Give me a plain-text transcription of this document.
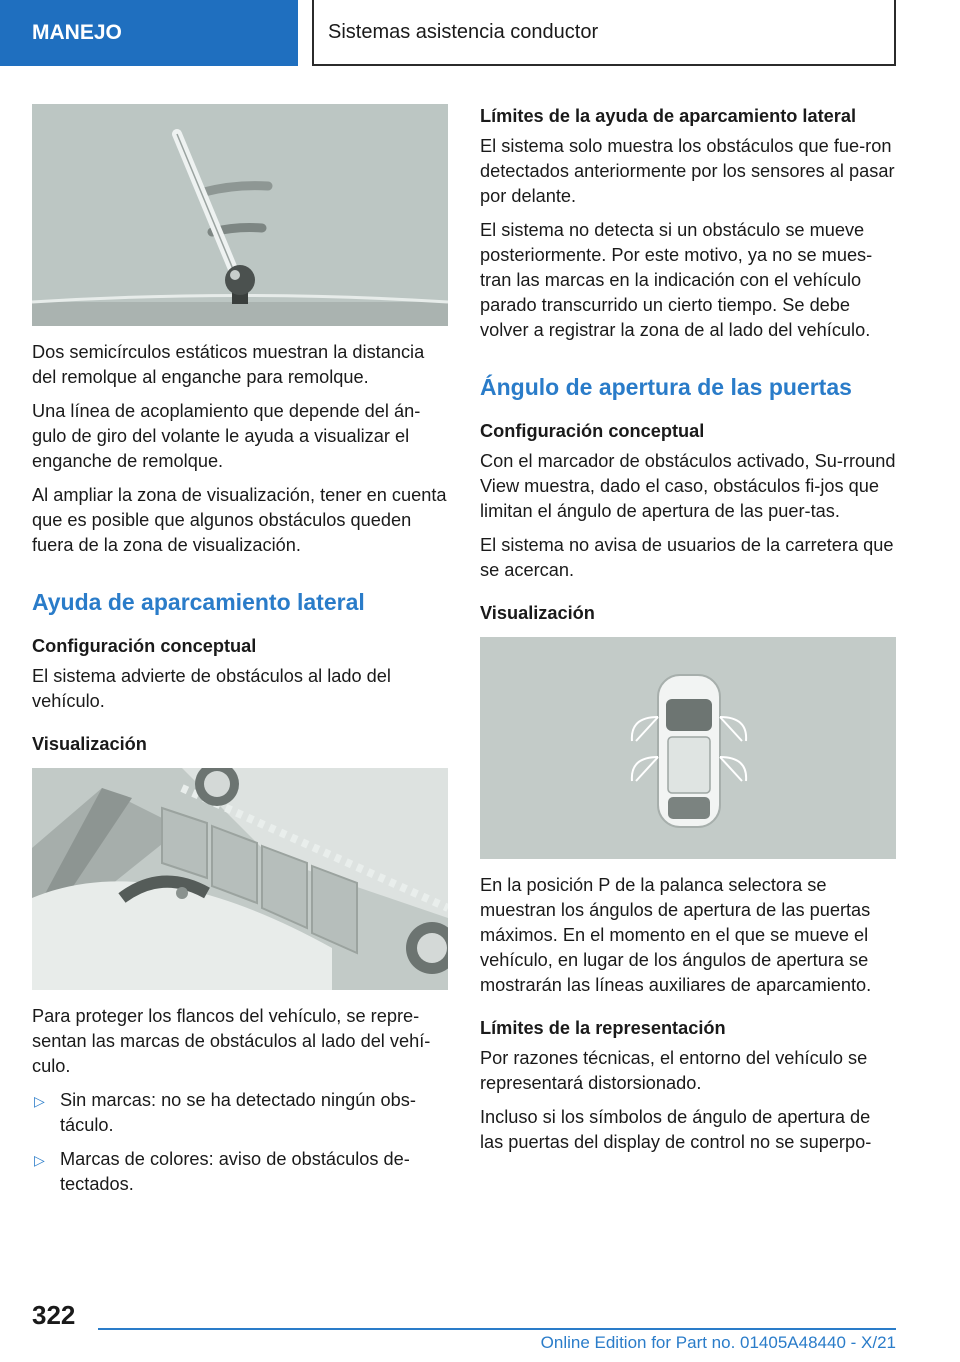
MANEJO	Sistemas asistencia conductor

Dos semicírculos estáticos muestran la distancia del remolque al enganche para remolque.

Una línea de acoplamiento que depende del án-gulo de giro del volante le ayuda a visualizar el enganche de remolque.

Al ampliar la zona de visualización, tener en cuenta que es posible que algunos obstáculos queden fuera de la zona de visualización.

Ayuda de aparcamiento lateral
Configuración conceptual

El sistema advierte de obstáculos al lado del vehículo.

Visualización

Para proteger los flancos del vehículo, se repre-sentan las marcas de obstáculos al lado del vehí-culo.

▷ Sin marcas: no se ha detectado ningún obs-táculo.
▷ Marcas de colores: aviso de obstáculos de-tectados.
Límites de la ayuda de aparcamiento lateral

El sistema solo muestra los obstáculos que fue-ron detectados anteriormente por los sensores al pasar por delante.

El sistema no detecta si un obstáculo se mueve posteriormente. Por este motivo, ya no se mues-tran las marcas en la indicación con el vehículo parado transcurrido un cierto tiempo. Se debe volver a registrar la zona de al lado del vehículo.

Ángulo de apertura de las puertas
Configuración conceptual

Con el marcador de obstáculos activado, Su-rround View muestra, dado el caso, obstáculos fi-jos que limitan el ángulo de apertura de las puer-tas.

El sistema no avisa de usuarios de la carretera que se acercan.

Visualización

En la posición P de la palanca selectora se muestran los ángulos de apertura de las puertas máximos. En el momento en el que se mueve el vehículo, en lugar de los ángulos de apertura se mostrarán las líneas auxiliares de aparcamiento.

Límites de la representación

Por razones técnicas, el entorno del vehículo se representará distorsionado.

Incluso si los símbolos de ángulo de apertura de las puertas del display de control no se superpo-

322
Online Edition for Part no. 01405A48440 - X/21
